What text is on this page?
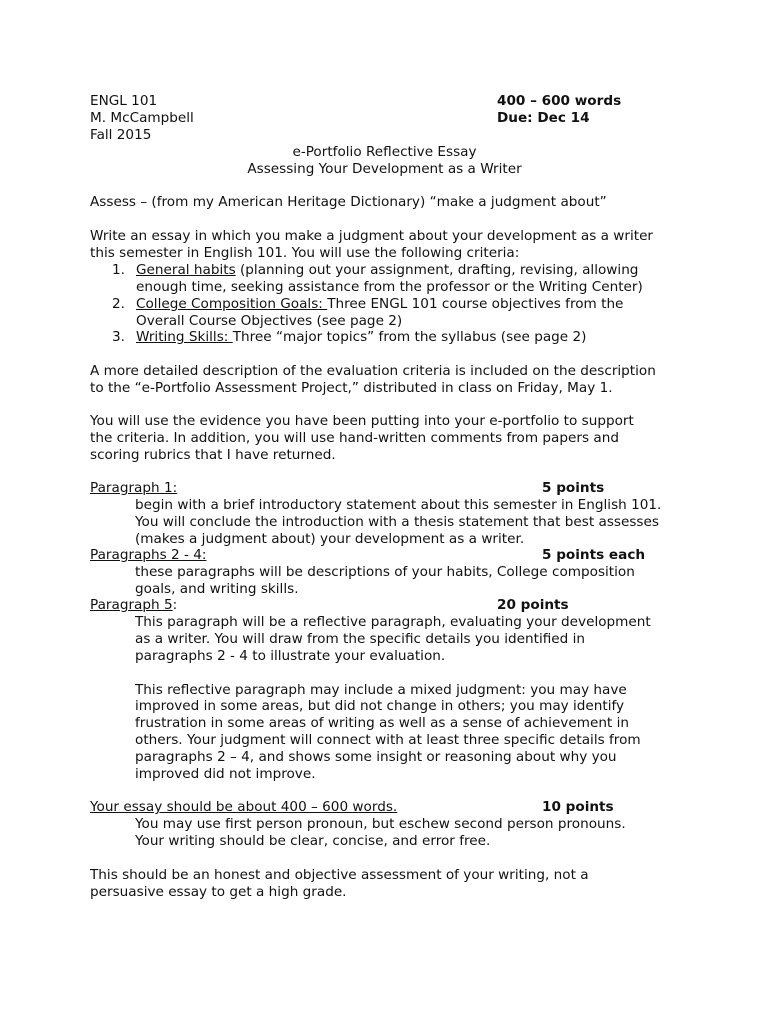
ENGL 101
M. McCampbell
Fall 2015
400 – 600 words
Due: Dec 14
e-Portfolio Reflective Essay
Assessing Your Development as a Writer
Assess – (from my American Heritage Dictionary) “make a judgment about”
Write an essay in which you make a judgment about your development as a writer
this semester in English 101. You will use the following criteria:
1. General habits (planning out your assignment, drafting, revising, allowing
enough time, seeking assistance from the professor or the Writing Center)
2. College Composition Goals: Three ENGL 101 course objectives from the
Overall Course Objectives (see page 2)
3. Writing Skills: Three “major topics” from the syllabus (see page 2)
A more detailed description of the evaluation criteria is included on the description
to the “e-Portfolio Assessment Project,” distributed in class on Friday, May 1.
You will use the evidence you have been putting into your e-portfolio to support
the criteria. In addition, you will use hand-written comments from papers and
scoring rubrics that I have returned.
Paragraph 1:
begin with a brief introductory statement about this semester in English 101.
You will conclude the introduction with a thesis statement that best assesses
(makes a judgment about) your development as a writer.
5 points
Paragraphs 2 - 4:
these paragraphs will be descriptions of your habits, College composition
goals, and writing skills.
5 points each
Paragraph 5:
This paragraph will be a reflective paragraph, evaluating your development
as a writer. You will draw from the specific details you identified in
paragraphs 2 - 4 to illustrate your evaluation.

This reflective paragraph may include a mixed judgment: you may have
improved in some areas, but did not change in others; you may identify
frustration in some areas of writing as well as a sense of achievement in
others. Your judgment will connect with at least three specific details from
paragraphs 2 – 4, and shows some insight or reasoning about why you
improved did not improve.
20 points
Your essay should be about 400 – 600 words.
You may use first person pronoun, but eschew second person pronouns.
Your writing should be clear, concise, and error free.
10 points
This should be an honest and objective assessment of your writing, not a
persuasive essay to get a high grade.
